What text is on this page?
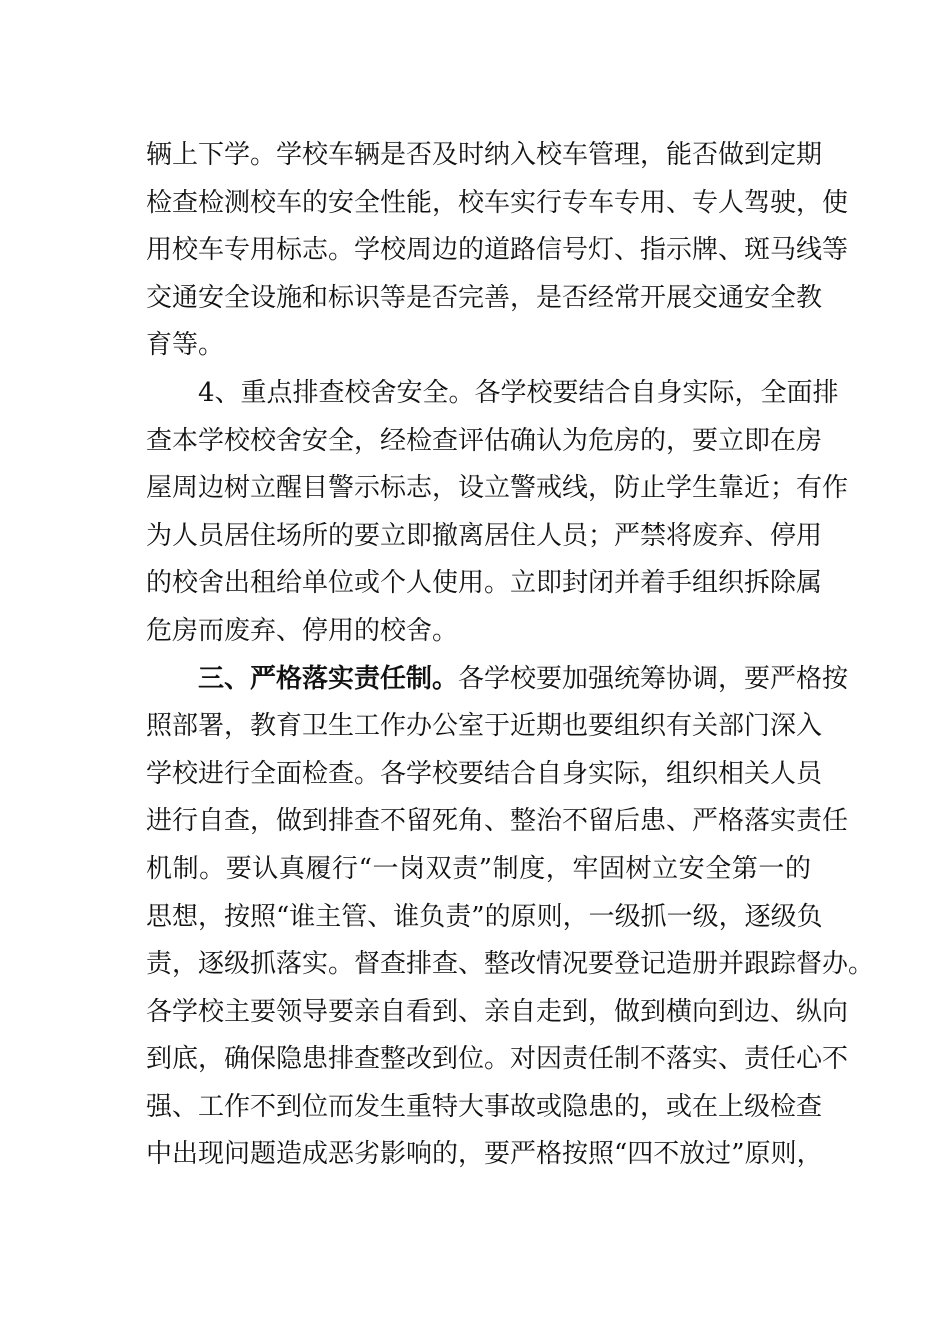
辆上下学。学校车辆是否及时纳入校车管理，能否做到定期
检查检测校车的安全性能，校车实行专车专用、专人驾驶，使
用校车专用标志。学校周边的道路信号灯、指示牌、斑马线等
交通安全设施和标识等是否完善，是否经常开展交通安全教
育等。
4、重点排查校舍安全。各学校要结合自身实际，全面排
查本学校校舍安全，经检查评估确认为危房的，要立即在房
屋周边树立醒目警示标志，设立警戒线，防止学生靠近；有作
为人员居住场所的要立即撤离居住人员；严禁将废弃、停用
的校舍出租给单位或个人使用。立即封闭并着手组织拆除属
危房而废弃、停用的校舍。
三、严格落实责任制。各学校要加强统筹协调，要严格按
照部署，教育卫生工作办公室于近期也要组织有关部门深入
学校进行全面检查。各学校要结合自身实际，组织相关人员
进行自查，做到排查不留死角、整治不留后患、严格落实责任
机制。要认真履行“一岗双责”制度，牢固树立安全第一的
思想，按照“谁主管、谁负责”的原则，一级抓一级，逐级负
责，逐级抓落实。督查排查、整改情况要登记造册并跟踪督办。
各学校主要领导要亲自看到、亲自走到，做到横向到边、纵向
到底，确保隐患排查整改到位。对因责任制不落实、责任心不
强、工作不到位而发生重特大事故或隐患的，或在上级检查
中出现问题造成恶劣影响的，要严格按照“四不放过”原则，
